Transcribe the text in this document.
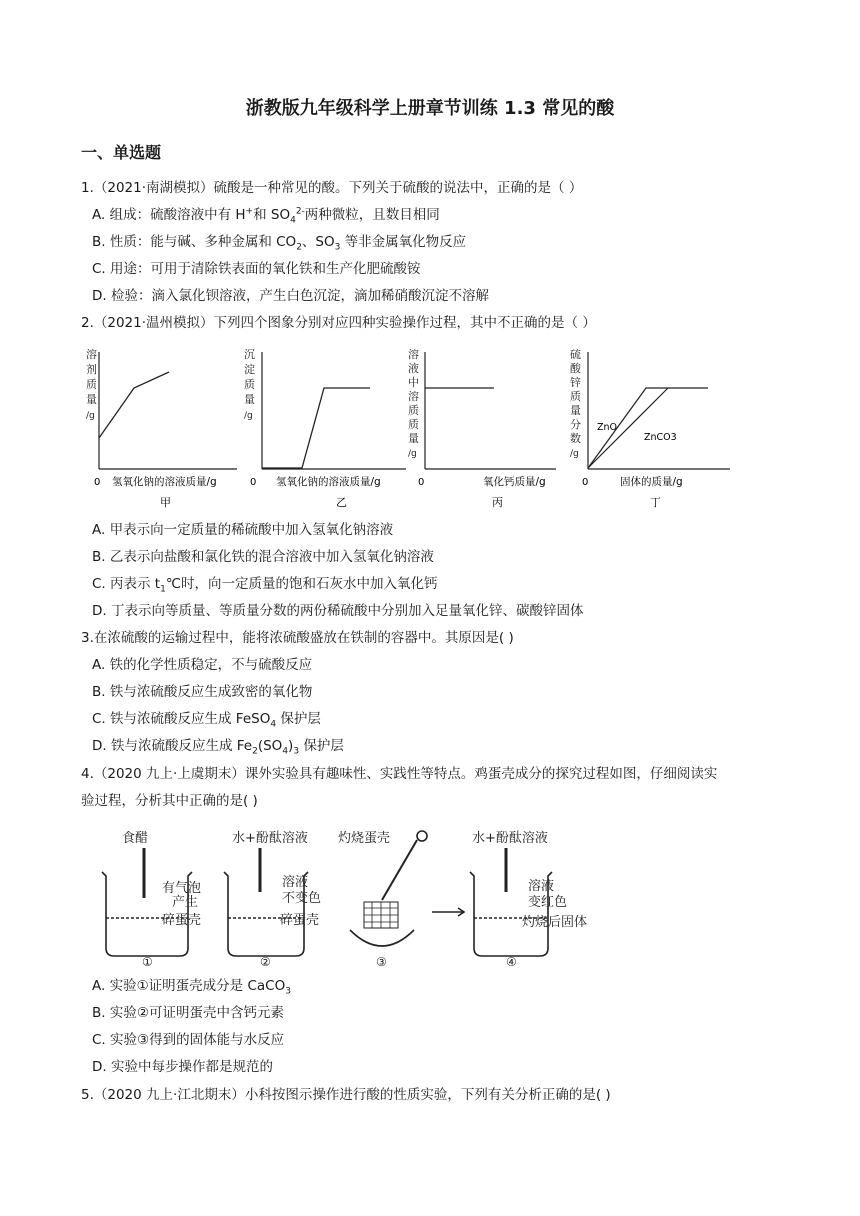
浙教版九年级科学上册章节训练 1.3 常见的酸
一、单选题
1.（2021·南湖模拟）硫酸是一种常见的酸。下列关于硫酸的说法中，正确的是（ ）
A. 组成：硫酸溶液中有 H+和 $SO_4^{2-}$两种微粒，且数目相同
B. 性质：能与碱、多种金属和 $CO_2$、$SO_3$ 等非金属氧化物反应
C. 用途：可用于清除铁表面的氧化铁和生产化肥硫酸铵
D. 检验：滴入氯化钡溶液，产生白色沉淀，滴加稀硝酸沉淀不溶解
2.（2021·温州模拟）下列四个图象分别对应四种实验操作过程，其中不正确的是（ ）
溶
剂
质
量
/g
0 氢氧化钠的溶液质量/g
甲
沉
淀
质
量
/g
0 氢氧化钠的溶液质量/g
乙
溶
液
中
溶
质
质
量
/g
0	氧化钙质量/g
丙
硫
酸
锌
质
量
分
数
/g
ZnO
ZnCO3
0	固体的质量/g
丁
A. 甲表示向一定质量的稀硫酸中加入氢氧化钠溶液
B. 乙表示向盐酸和氯化铁的混合溶液中加入氢氧化钠溶液
C. 丙表示 $t_1℃$时，向一定质量的饱和石灰水中加入氧化钙
D. 丁表示向等质量、等质量分数的两份稀硫酸中分别加入足量氧化锌、碳酸锌固体
3.在浓硫酸的运输过程中，能将浓硫酸盛放在铁制的容器中。其原因是( )
A. 铁的化学性质稳定，不与硫酸反应
B. 铁与浓硫酸反应生成致密的氧化物
C. 铁与浓硫酸反应生成 FeSO$_4$ 保护层
D. 铁与浓硫酸反应生成 $Fe_2(SO_4)_3$ 保护层
4.（2020 九上·上虞期末）课外实验具有趣味性、实践性等特点。鸡蛋壳成分的探究过程如图，仔细阅读实
验过程，分析其中正确的是( )
食醋
有气泡
产生
碎蛋壳
①
水+酚酞溶液
溶液
不变色
碎蛋壳
②
灼烧蛋壳
③
水+酚酞溶液
溶液
变红色
灼烧后固体
④
A. 实验①证明蛋壳成分是 CaCO$_3$
B. 实验②可证明蛋壳中含钙元素
C. 实验③得到的固体能与水反应
D. 实验中每步操作都是规范的
5.（2020 九上·江北期末）小科按图示操作进行酸的性质实验，下列有关分析正确的是( )
